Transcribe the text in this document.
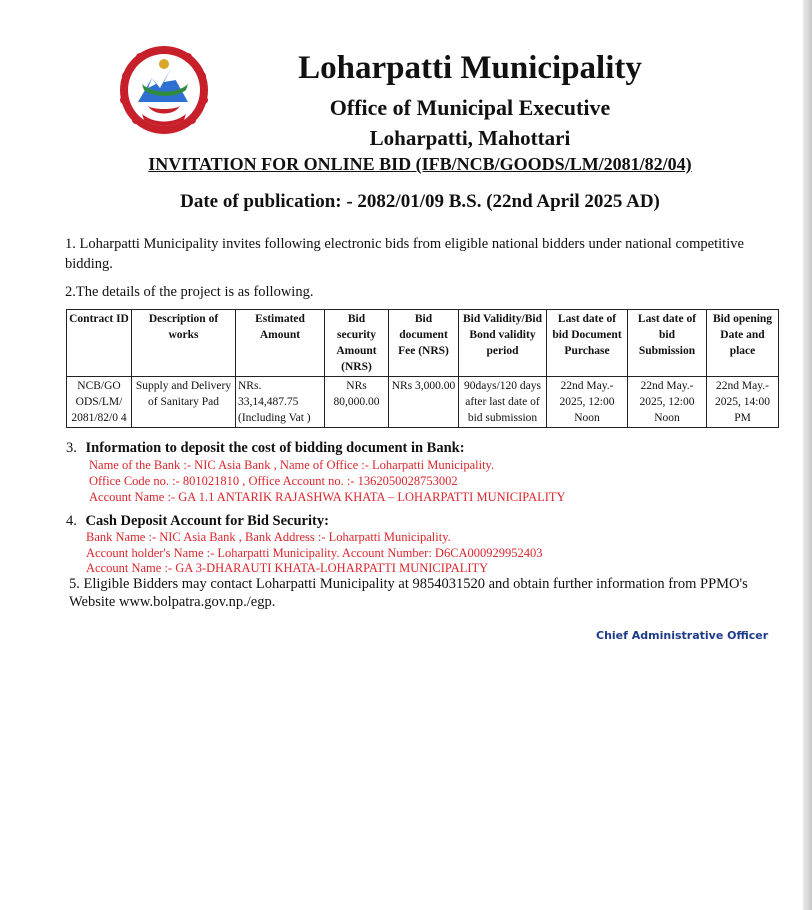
Loharpatti Municipality
Office of Municipal Executive
Loharpatti, Mahottari
INVITATION FOR ONLINE BID (IFB/NCB/GOODS/LM/2081/82/04)
Date of publication: - 2082/01/09 B.S. (22nd April 2025 AD)
1. Loharpatti Municipality invites following electronic bids from eligible national bidders under national competitive bidding.
2.The details of the project is as following.
Contract ID	Description of works	Estimated Amount	Bid security Amount (NRS)	Bid document Fee (NRS)	Bid Validity/Bid Bond validity period	Last date of bid Document Purchase	Last date of bid Submission	Bid opening Date and place
NCB/GO ODS/LM/ 2081/82/0 4	Supply and Delivery of Sanitary Pad	NRs. 33,14,487.75 (Including Vat )	NRs 80,000.00	NRs 3,000.00	90days/120 days after last date of bid submission	22nd May.- 2025, 12:00 Noon	22nd May.- 2025, 12:00 Noon	22nd May.- 2025, 14:00 PM
3. Information to deposit the cost of bidding document in Bank:
Name of the Bank :- NIC Asia Bank , Name of Office :- Loharpatti Municipality.
Office Code no. :- 801021810 , Office Account no. :- 1362050028753002
Account Name :- GA 1.1 ANTARIK RAJASHWA KHATA – LOHARPATTI MUNICIPALITY
4. Cash Deposit Account for Bid Security:
Bank Name :- NIC Asia Bank , Bank Address :- Loharpatti Municipality.
Account holder's Name :- Loharpatti Municipality. Account Number: D6CA000929952403
Account Name :- GA 3-DHARAUTI KHATA-LOHARPATTI MUNICIPALITY
5. Eligible Bidders may contact Loharpatti Municipality at 9854031520 and obtain further information from PPMO's Website www.bolpatra.gov.np./egp.
Chief Administrative Officer
